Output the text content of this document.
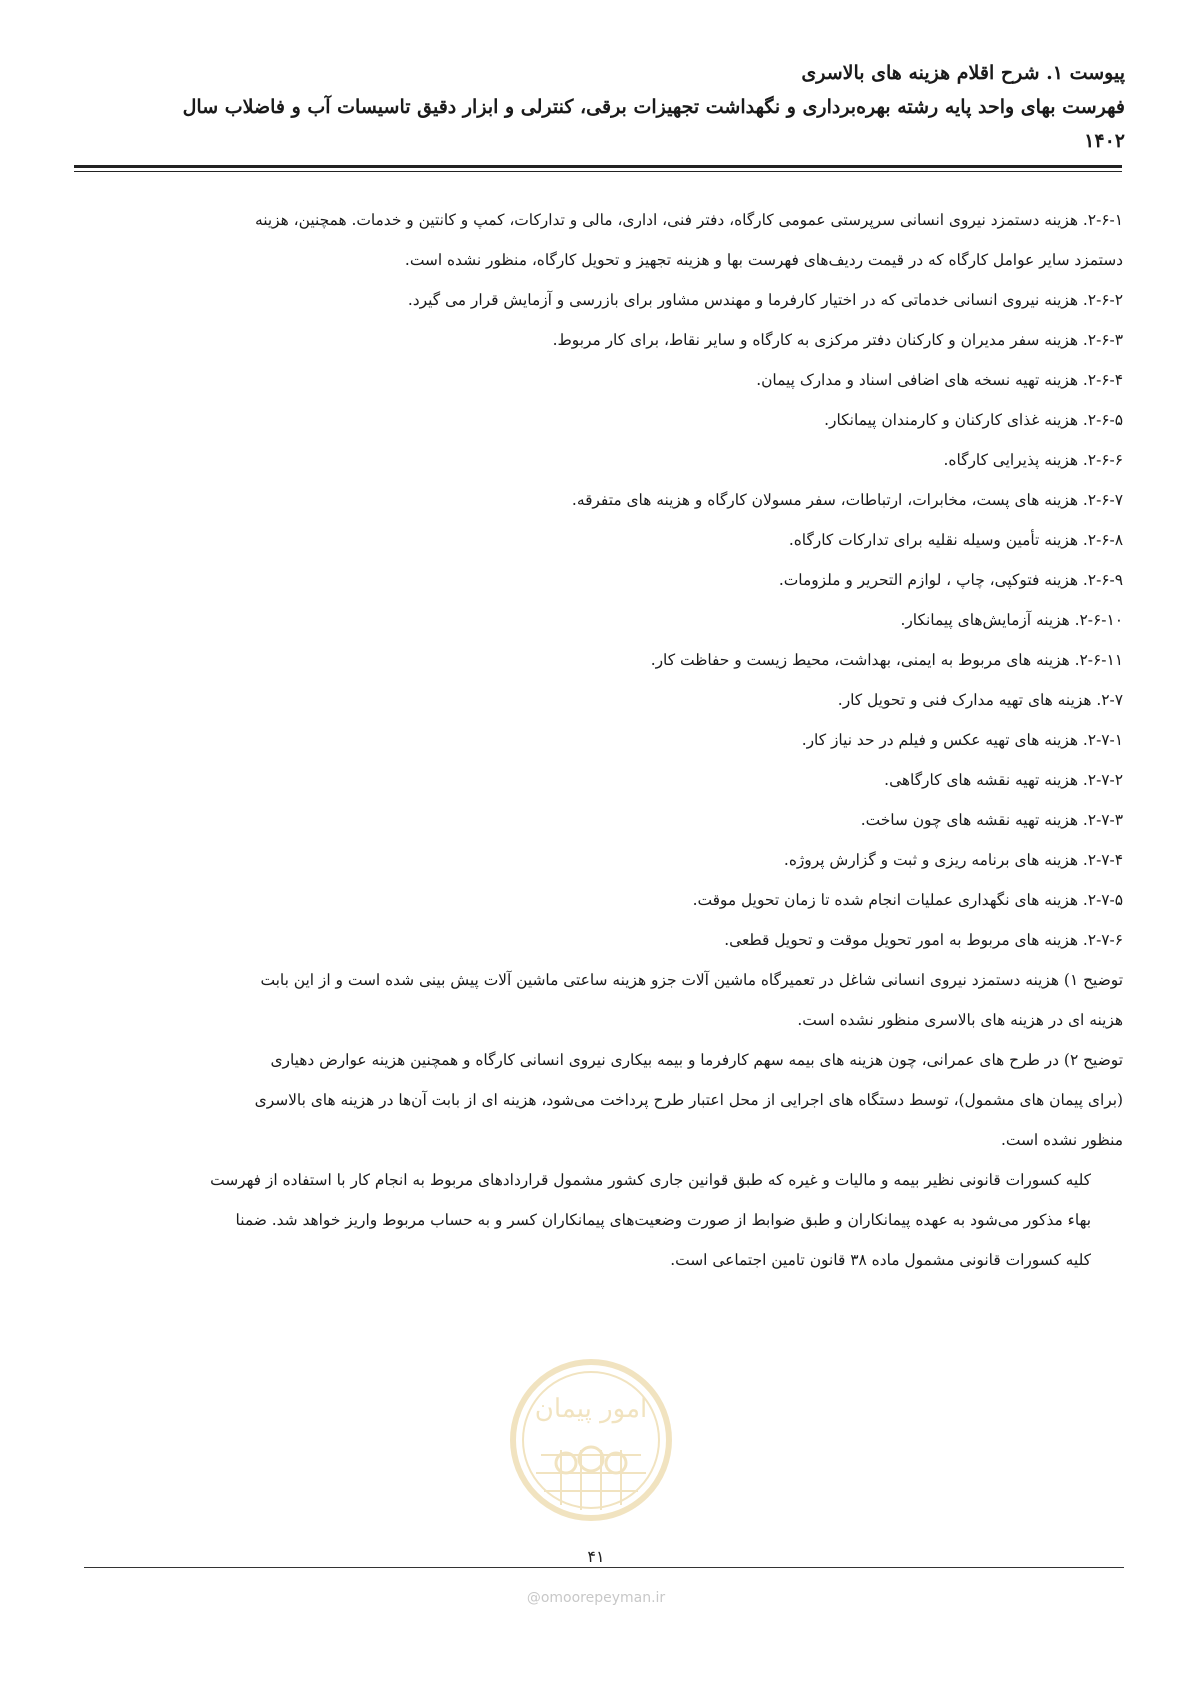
پیوست ۱. شرح اقلام هزینه های بالاسری
فهرست بهای واحد پایه رشته بهره‌برداری و نگهداشت تجهیزات برقی، کنترلی و ابزار دقیق تاسیسات آب و فاضلاب سال
۱۴۰۲
۲-۶-۱. هزینه دستمزد نیروی انسانی سرپرستی عمومی کارگاه، دفتر فنی، اداری، مالی و تدارکات، کمپ و کانتین و خدمات. همچنین، هزینه
دستمزد سایر عوامل کارگاه که در قیمت ردیف‌های فهرست بها و هزینه تجهیز و تحویل کارگاه، منظور نشده است.
۲-۶-۲. هزینه نیروی انسانی خدماتی که در اختیار کارفرما و مهندس مشاور برای بازرسی و آزمایش قرار می گیرد.
۲-۶-۳. هزینه سفر مدیران و کارکنان دفتر مرکزی به کارگاه و سایر نقاط، برای کار مربوط.
۲-۶-۴. هزینه تهیه نسخه های اضافی اسناد و مدارک پیمان.
۲-۶-۵. هزینه غذای کارکنان و کارمندان پیمانکار.
۲-۶-۶. هزینه پذیرایی کارگاه.
۲-۶-۷. هزینه های پست، مخابرات، ارتباطات، سفر مسولان کارگاه و هزینه های متفرقه.
۲-۶-۸. هزینه تأمین وسیله نقلیه برای تدارکات کارگاه.
۲-۶-۹. هزینه فتوکپی، چاپ ، لوازم التحریر و ملزومات.
۲-۶-۱۰. هزینه آزمایش‌های پیمانکار.
۲-۶-۱۱. هزینه های مربوط به ایمنی، بهداشت، محیط زیست و حفاظت کار.
۲-۷. هزینه های تهیه مدارک فنی و تحویل کار.
۲-۷-۱. هزینه های تهیه عکس و فیلم در حد نیاز کار.
۲-۷-۲. هزینه تهیه نقشه های کارگاهی.
۲-۷-۳. هزینه تهیه نقشه های چون ساخت.
۲-۷-۴. هزینه های برنامه ریزی و ثبت و گزارش پروژه.
۲-۷-۵. هزینه های نگهداری عملیات انجام شده تا زمان تحویل موقت.
۲-۷-۶. هزینه های مربوط به امور تحویل موقت و تحویل قطعی.
توضیح ۱) هزینه دستمزد نیروی انسانی شاغل در تعمیرگاه ماشین آلات جزو هزینه ساعتی ماشین آلات پیش بینی شده است و از این بابت
هزینه ای در هزینه های بالاسری منظور نشده است.
توضیح ۲) در طرح های عمرانی، چون هزینه های بیمه سهم کارفرما و بیمه بیکاری نیروی انسانی کارگاه و همچنین هزینه عوارض دهیاری
(برای پیمان های مشمول)، توسط دستگاه های اجرایی از محل اعتبار طرح پرداخت می‌شود، هزینه ای از بابت آن‌ها در هزینه های بالاسری
منظور نشده است.
کلیه کسورات قانونی نظیر بیمه و مالیات و غیره که طبق قوانین جاری کشور مشمول قراردادهای مربوط به انجام کار با استفاده از فهرست
بهاء مذکور می‌شود به عهده پیمانکاران و طبق ضوابط از صورت وضعیت‌های پیمانکاران کسر و به حساب مربوط واریز خواهد شد. ضمنا
کلیه کسورات قانونی مشمول ماده ۳۸ قانون تامین اجتماعی است.
امور پیمان
۴۱
@omoorepeyman.ir
